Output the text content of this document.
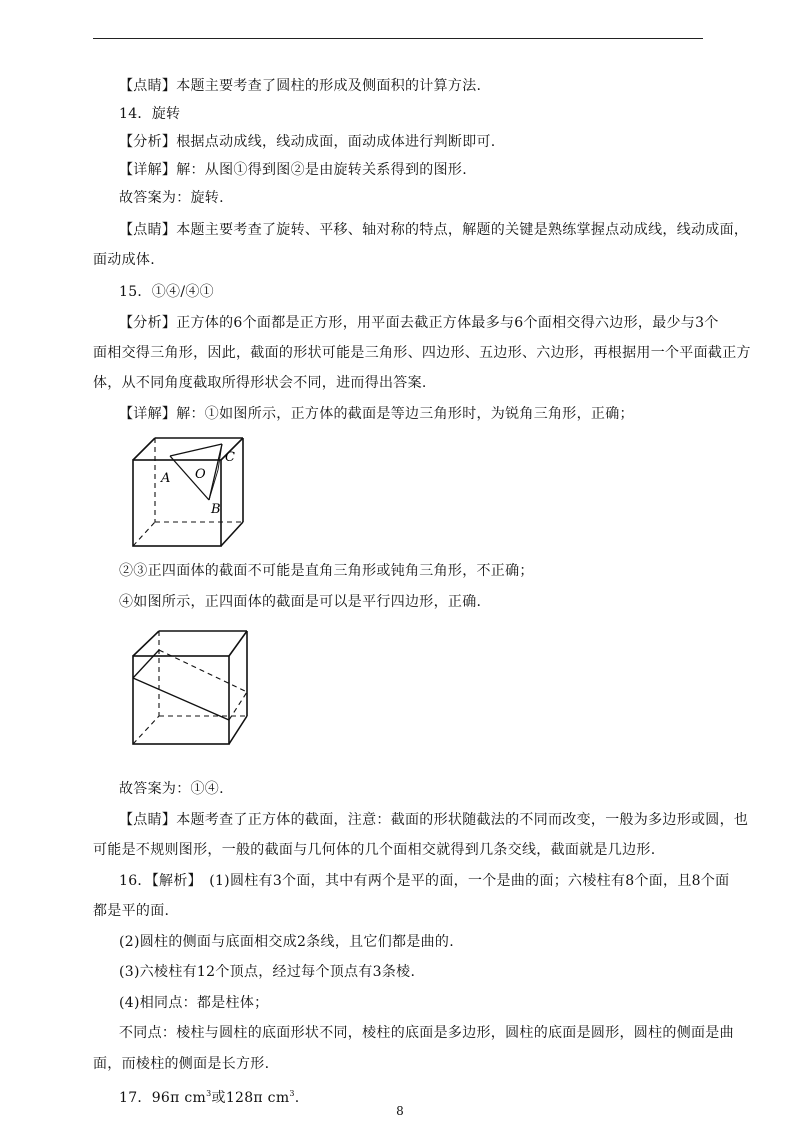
【点睛】本题主要考查了圆柱的形成及侧面积的计算方法.
14．旋转
【分析】根据点动成线，线动成面，面动成体进行判断即可.
【详解】解：从图①得到图②是由旋转关系得到的图形.
故答案为：旋转.
【点睛】本题主要考查了旋转、平移、轴对称的特点，解题的关键是熟练掌握点动成线，线动成面，
面动成体.
15．①④/④①
【分析】正方体的6个面都是正方形，用平面去截正方体最多与6个面相交得六边形，最少与3个
面相交得三角形，因此，截面的形状可能是三角形、四边形、五边形、六边形，再根据用一个平面截正方
体，从不同角度截取所得形状会不同，进而得出答案.
【详解】解：①如图所示，正方体的截面是等边三角形时，为锐角三角形，正确；
A O
C
B
②③正四面体的截面不可能是直角三角形或钝角三角形，不正确；
④如图所示，正四面体的截面是可以是平行四边形，正确.
故答案为：①④.
【点睛】本题考查了正方体的截面，注意：截面的形状随截法的不同而改变，一般为多边形或圆，也
可能是不规则图形，一般的截面与几何体的几个面相交就得到几条交线，截面就是几边形.
16．【解析】　(1)圆柱有3个面，其中有两个是平的面，一个是曲的面；六棱柱有8个面，且8个面
都是平的面.
(2)圆柱的侧面与底面相交成2条线，且它们都是曲的.
(3)六棱柱有12个顶点，经过每个顶点有3条棱.
(4)相同点：都是柱体；
不同点：棱柱与圆柱的底面形状不同，棱柱的底面是多边形，圆柱的底面是圆形，圆柱的侧面是曲
面，而棱柱的侧面是长方形.
17．96π $cm^3$或128π $cm^3$.
8
